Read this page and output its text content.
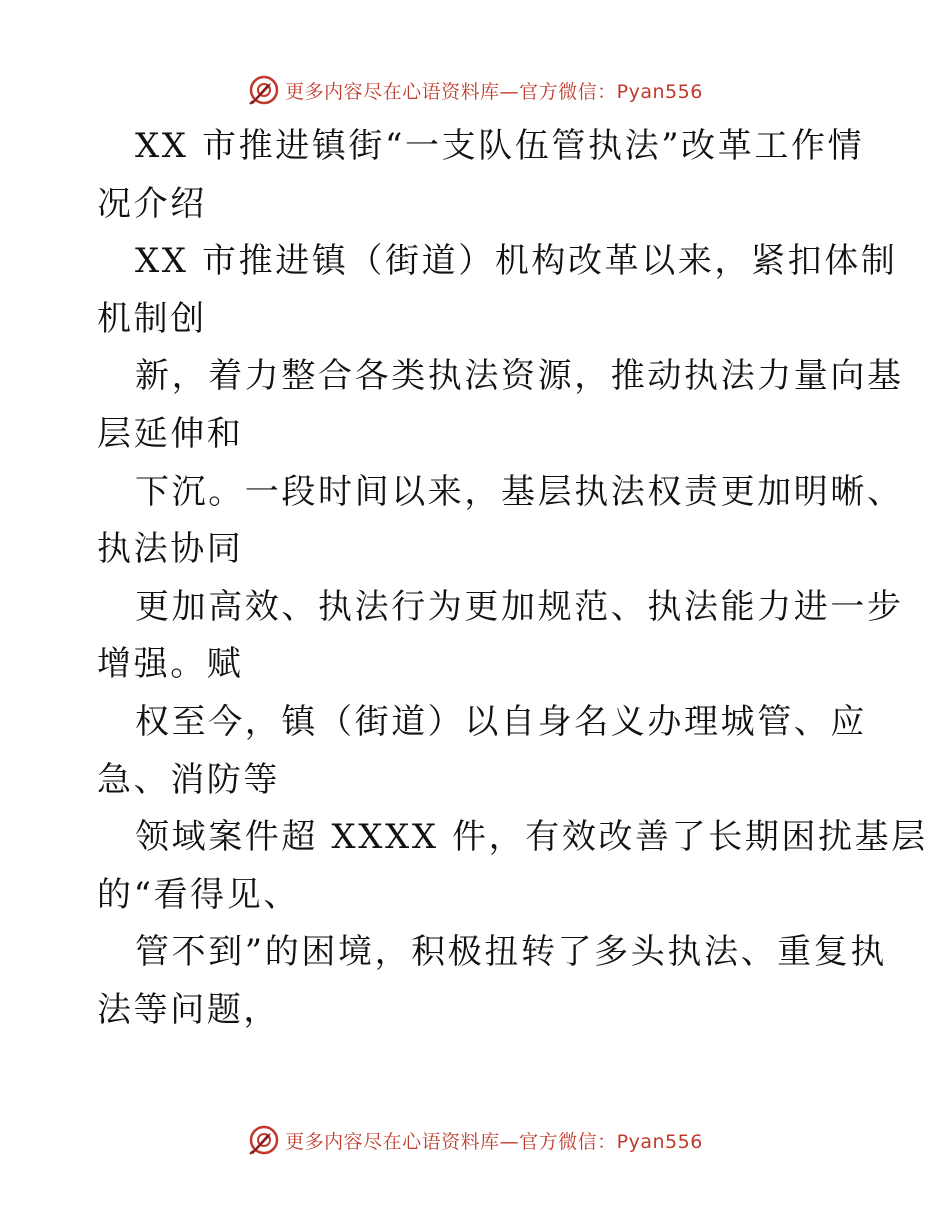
更多内容尽在心语资料库—官方微信：Pyan556
XX 市推进镇街“一支队伍管执法”改革工作情
况介绍
XX 市推进镇（街道）机构改革以来，紧扣体制
机制创
新，着力整合各类执法资源，推动执法力量向基
层延伸和
下沉。一段时间以来，基层执法权责更加明晰、
执法协同
更加高效、执法行为更加规范、执法能力进一步
增强。赋
权至今，镇（街道）以自身名义办理城管、应
急、消防等
领域案件超 XXXX 件，有效改善了长期困扰基层
的“看得见、
管不到”的困境，积极扭转了多头执法、重复执
法等问题，
更多内容尽在心语资料库—官方微信：Pyan556
